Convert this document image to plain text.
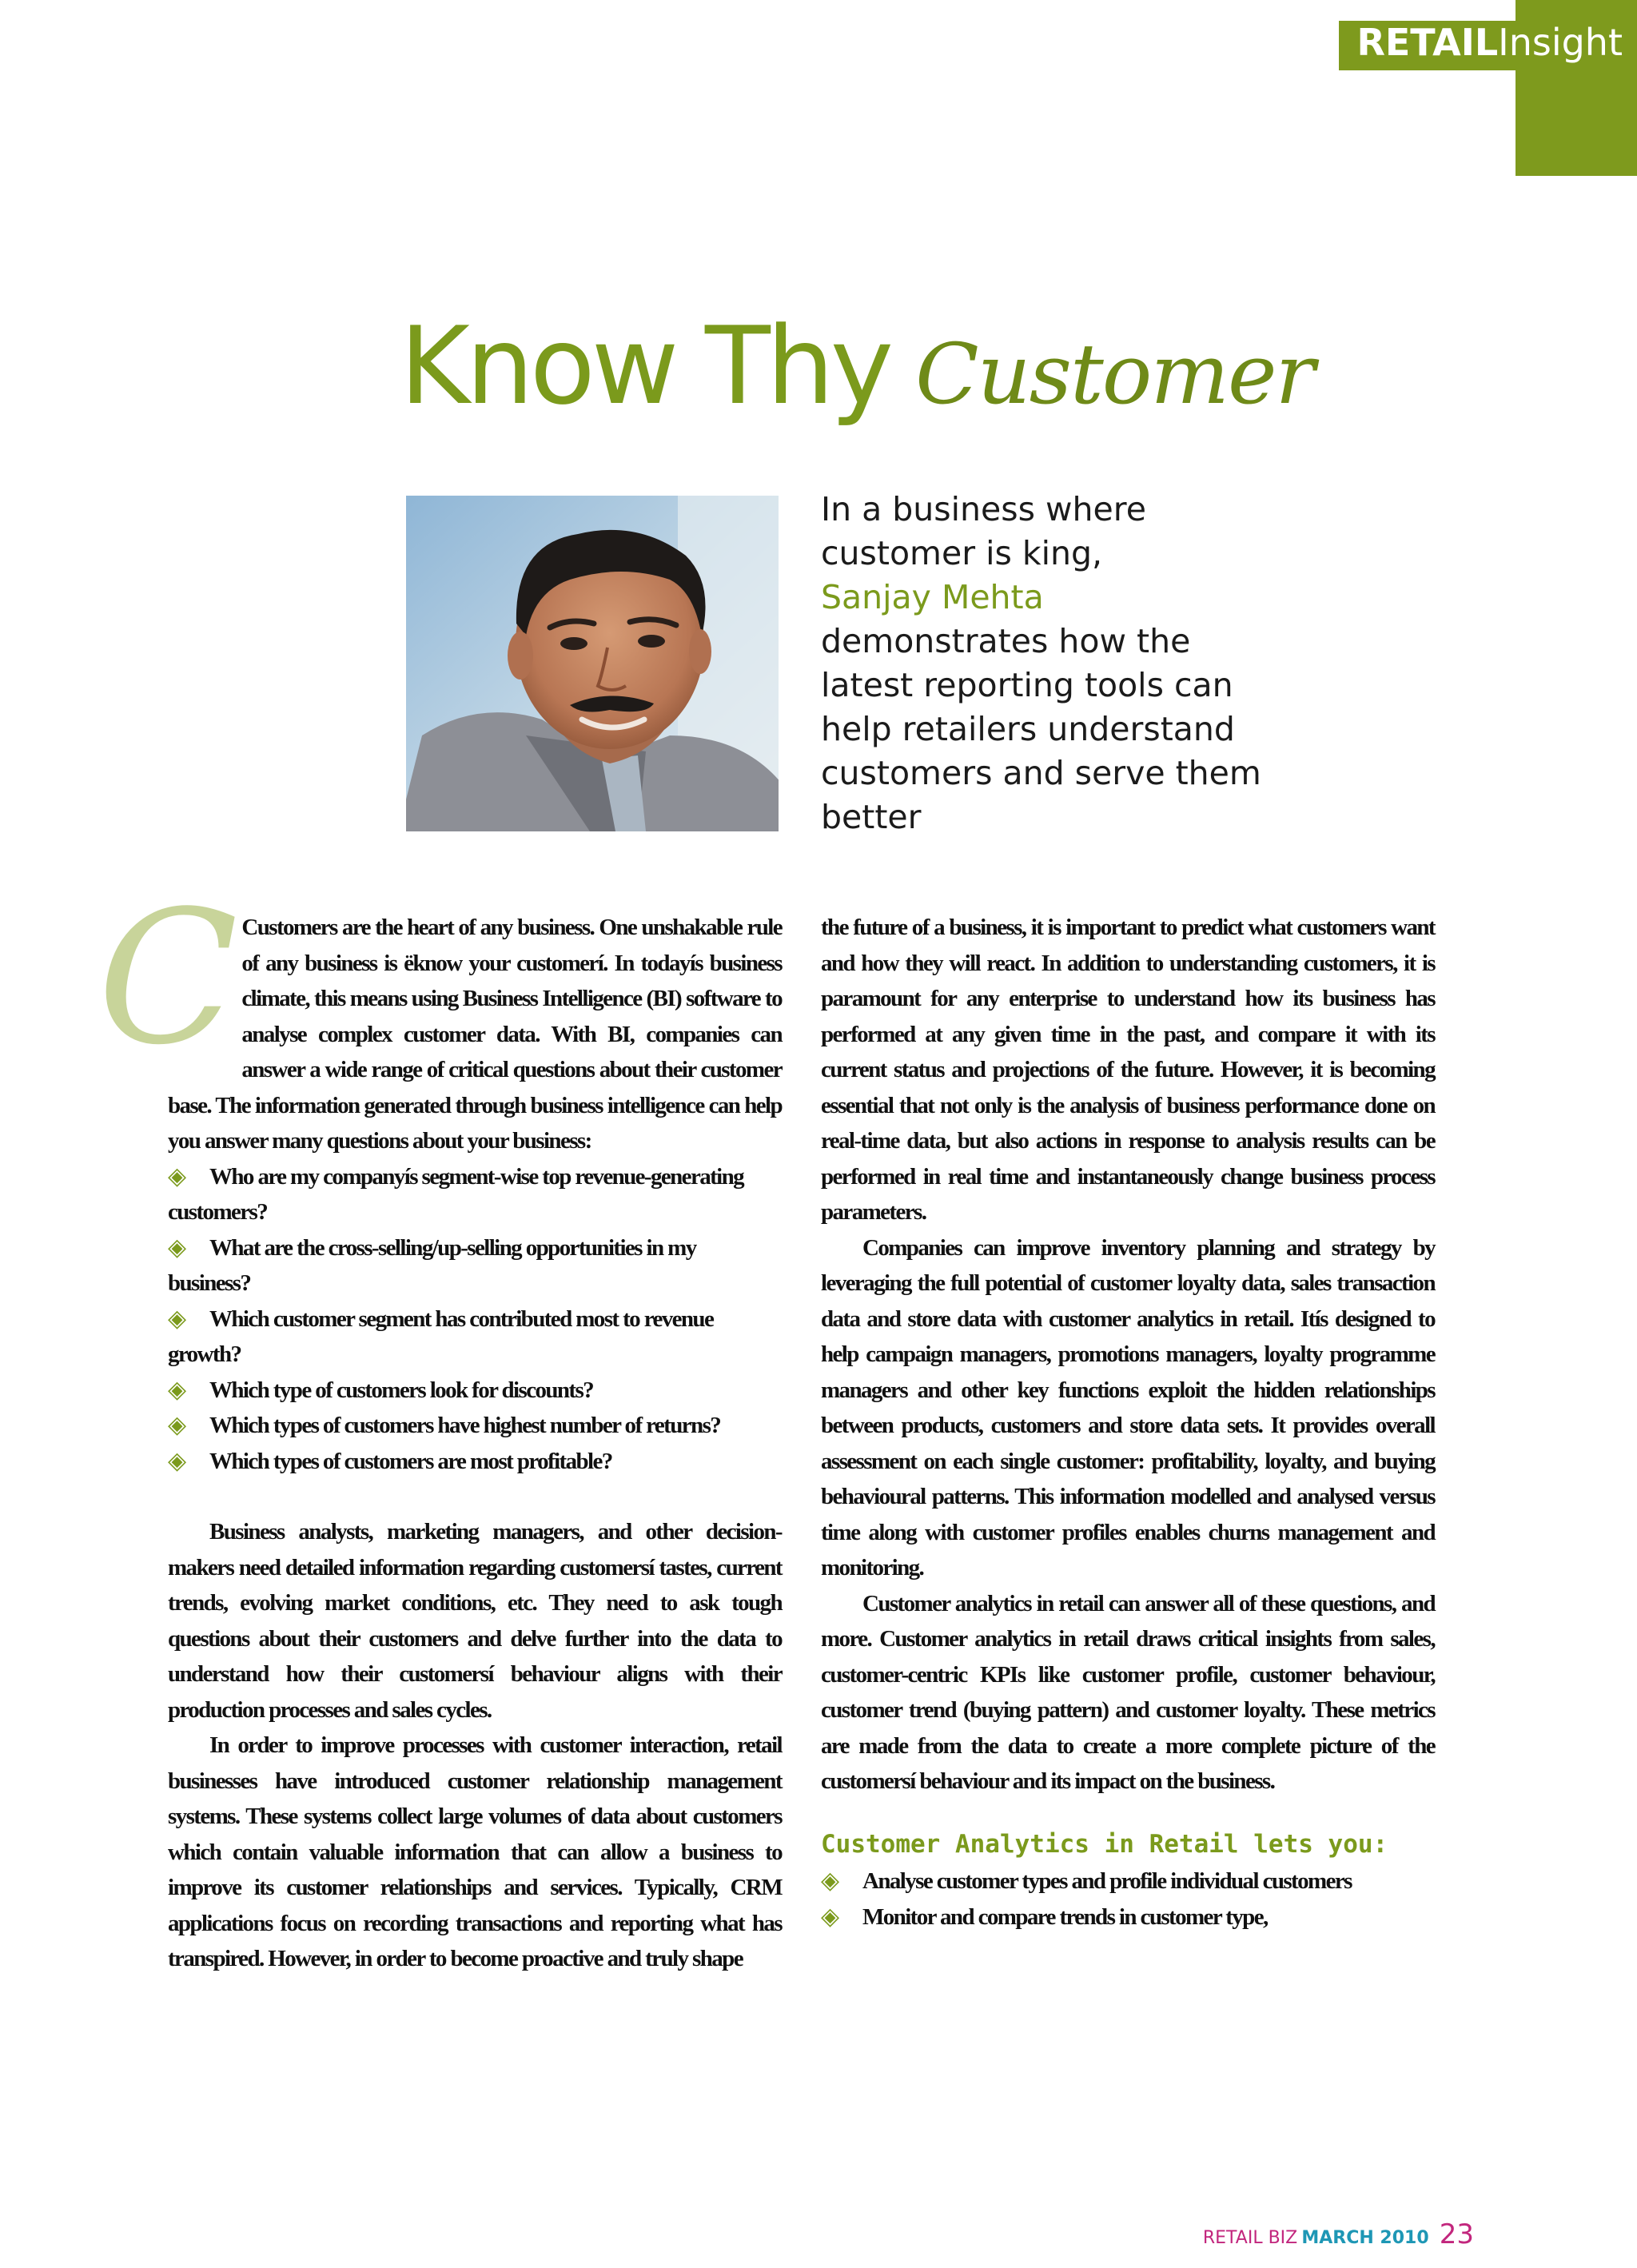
RETAILInsight
Know Thy Customer
In a business where customer is king,
Sanjay Mehta
demonstrates how the latest reporting tools can help retailers understand customers and serve them better

C Customers are the heart of any business. One unshakable rule of any business is ëknow your customerí. In todayís business climate, this means using Business Intelligence (BI) software to analyse complex customer data. With BI, companies can answer a wide range of critical questions about their customer base. The information generated through business intelligence can help you answer many questions about your business:

◈ Who are my companyís segment-wise top revenue-generating customers?
◈ What are the cross-selling/up-selling opportunities in my business?
◈ Which customer segment has contributed most to revenue growth?
◈ Which type of customers look for discounts?
◈ Which types of customers have highest number of returns?
◈ Which types of customers are most profitable?

Business analysts, marketing managers, and other decision-makers need detailed information regarding customersí tastes, current trends, evolving market conditions, etc. They need to ask tough questions about their customers and delve further into the data to understand how their customersí behaviour aligns with their production processes and sales cycles.

In order to improve processes with customer interaction, retail businesses have introduced customer relationship management systems. These systems collect large volumes of data about customers which contain valuable information that can allow a business to improve its customer relationships and services. Typically, CRM applications focus on recording transactions and reporting what has transpired. However, in order to become proactive and truly shape

the future of a business, it is important to predict what customers want and how they will react. In addition to understanding customers, it is paramount for any enterprise to understand how its business has performed at any given time in the past, and compare it with its current status and projections of the future. However, it is becoming essential that not only is the analysis of business performance done on real-time data, but also actions in response to analysis results can be performed in real time and instantaneously change business process parameters.

Companies can improve inventory planning and strategy by leveraging the full potential of customer loyalty data, sales transaction data and store data with customer analytics in retail. Itís designed to help campaign managers, promotions managers, loyalty programme managers and other key functions exploit the hidden relationships between products, customers and store data sets. It provides overall assessment on each single customer: profitability, loyalty, and buying behavioural patterns. This information modelled and analysed versus time along with customer profiles enables churns management and monitoring.

Customer analytics in retail can answer all of these questions, and more. Customer analytics in retail draws critical insights from sales, customer-centric KPIs like customer profile, customer behaviour, customer trend (buying pattern) and customer loyalty. These metrics are made from the data to create a more complete picture of the customersí behaviour and its impact on the business.

Customer Analytics in Retail lets you:
◈ Analyse customer types and profile individual customers
◈ Monitor and compare trends in customer type,
RETAIL BIZ MARCH 2010 23
